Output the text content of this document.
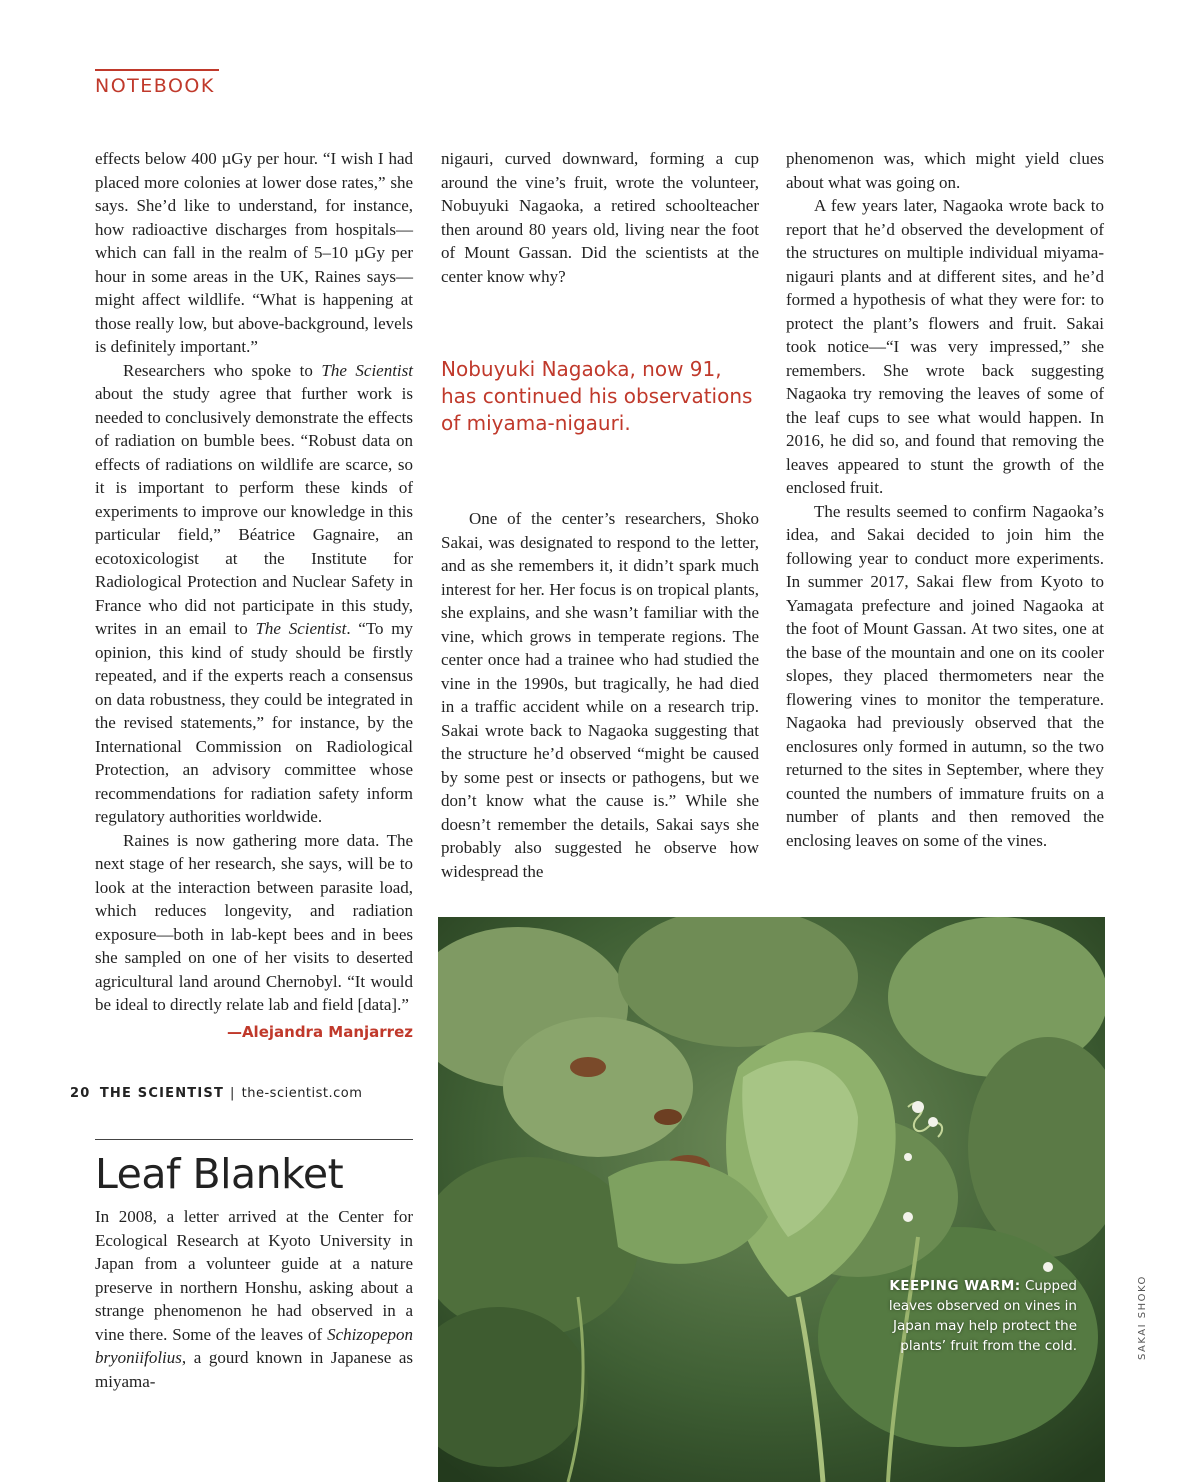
NOTEBOOK

effects below 400 µGy per hour. “I wish I had placed more colonies at lower dose rates,” she says. She’d like to understand, for instance, how radioactive discharges from hospitals—which can fall in the realm of 5–10 µGy per hour in some areas in the UK, Raines says—might affect wildlife. “What is happening at those really low, but above-background, levels is definitely important.”

Researchers who spoke to The Scientist about the study agree that further work is needed to conclusively demonstrate the effects of radiation on bumble bees. “Robust data on effects of radiations on wildlife are scarce, so it is important to perform these kinds of experiments to improve our knowledge in this particular field,” Béatrice Gagnaire, an ecotoxicologist at the Institute for Radiological Protection and Nuclear Safety in France who did not participate in this study, writes in an email to The Scientist. “To my opinion, this kind of study should be firstly repeated, and if the experts reach a consensus on data robustness, they could be integrated in the revised statements,” for instance, by the International Commission on Radiological Protection, an advisory committee whose recommendations for radiation safety inform regulatory authorities worldwide.

Raines is now gathering more data. The next stage of her research, she says, will be to look at the interaction between parasite load, which reduces longevity, and radiation exposure—both in lab-kept bees and in bees she sampled on one of her visits to deserted agricultural land around Chernobyl. “It would be ideal to directly relate lab and field [data].”

—Alejandra Manjarrez
Leaf Blanket

In 2008, a letter arrived at the Center for Ecological Research at Kyoto University in Japan from a volunteer guide at a nature preserve in northern Honshu, asking about a strange phenomenon he had observed in a vine there. Some of the leaves of Schizopepon bryoniifolius, a gourd known in Japanese as miyama-

nigauri, curved downward, forming a cup around the vine’s fruit, wrote the volunteer, Nobuyuki Nagaoka, a retired schoolteacher then around 80 years old, living near the foot of Mount Gassan. Did the scientists at the center know why?

Nobuyuki Nagaoka, now 91, has continued his observations of miyama-nigauri.

One of the center’s researchers, Shoko Sakai, was designated to respond to the letter, and as she remembers it, it didn’t spark much interest for her. Her focus is on tropical plants, she explains, and she wasn’t familiar with the vine, which grows in temperate regions. The center once had a trainee who had studied the vine in the 1990s, but tragically, he had died in a traffic accident while on a research trip. Sakai wrote back to Nagaoka suggesting that the structure he’d observed “might be caused by some pest or insects or pathogens, but we don’t know what the cause is.” While she doesn’t remember the details, Sakai says she probably also suggested he observe how widespread the

phenomenon was, which might yield clues about what was going on.

A few years later, Nagaoka wrote back to report that he’d observed the development of the structures on multiple individual miyama-nigauri plants and at different sites, and he’d formed a hypothesis of what they were for: to protect the plant’s flowers and fruit. Sakai took notice—“I was very impressed,” she remembers. She wrote back suggesting Nagaoka try removing the leaves of some of the leaf cups to see what would happen. In 2016, he did so, and found that removing the leaves appeared to stunt the growth of the enclosed fruit.

The results seemed to confirm Nagaoka’s idea, and Sakai decided to join him the following year to conduct more experiments. In summer 2017, Sakai flew from Kyoto to Yamagata prefecture and joined Nagaoka at the foot of Mount Gassan. At two sites, one at the base of the mountain and one on its cooler slopes, they placed thermometers near the flowering vines to monitor the temperature. Nagaoka had previously observed that the enclosures only formed in autumn, so the two returned to the sites in September, where they counted the numbers of immature fruits on a number of plants and then removed the enclosing leaves on some of the vines.

KEEPING WARM: Cupped leaves observed on vines in Japan may help protect the plants’ fruit from the cold.	SAKAI SHOKO
20 THE SCIENTIST | the-scientist.com
